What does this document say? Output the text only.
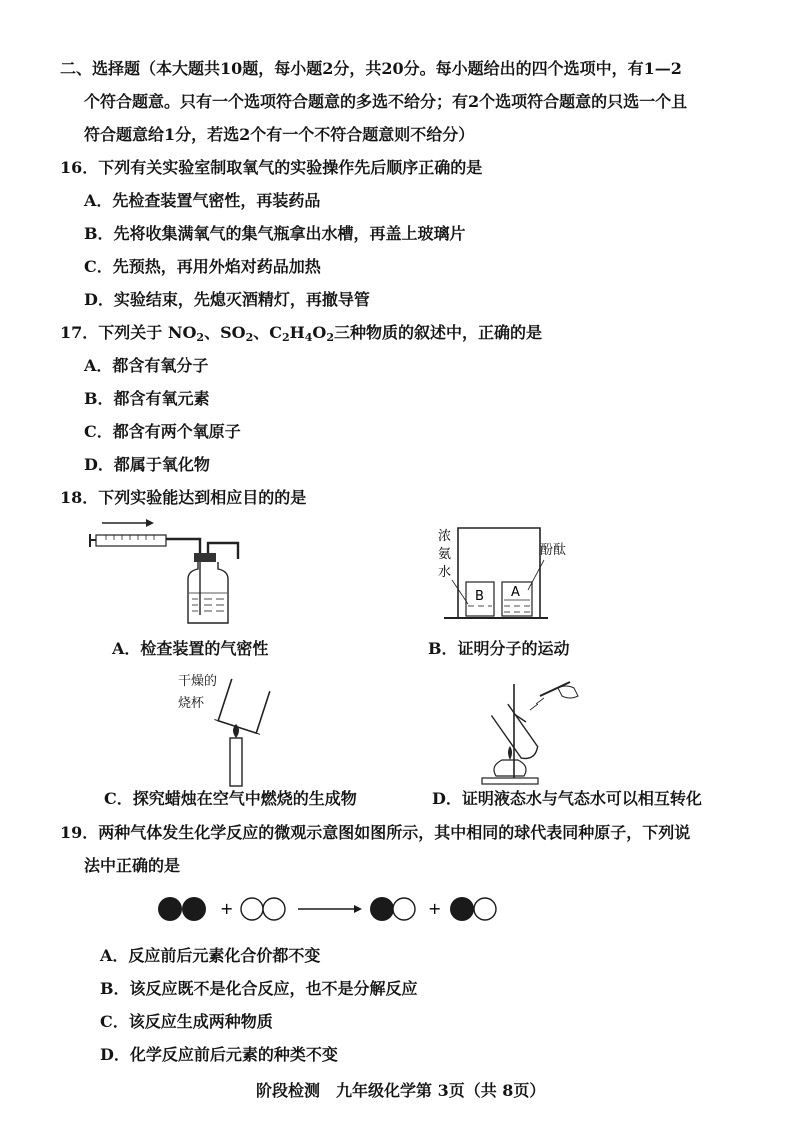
二、选择题（本大题共10题，每小题2分，共20分。每小题给出的四个选项中，有1—2
个符合题意。只有一个选项符合题意的多选不给分；有2个选项符合题意的只选一个且
符合题意给1分，若选2个有一个不符合题意则不给分）
16．下列有关实验室制取氧气的实验操作先后顺序正确的是
A．先检查装置气密性，再装药品
B．先将收集满氧气的集气瓶拿出水槽，再盖上玻璃片
C．先预热，再用外焰对药品加热
D．实验结束，先熄灭酒精灯，再撤导管
17．下列关于 $NO_2$、$SO_2$、$C_2H_4O_2$三种物质的叙述中，正确的是
A．都含有氧分子
B．都含有氧元素
C．都含有两个氧原子
D．都属于氧化物
18．下列实验能达到相应目的的是
B A
浓
氨
水
酚酞
A．检查装置的气密性	B．证明分子的运动
干燥的
烧杯
C．探究蜡烛在空气中燃烧的生成物	D．证明液态水与气态水可以相互转化
19．两种气体发生化学反应的微观示意图如图所示，其中相同的球代表同种原子，下列说
法中正确的是
+	+
A．反应前后元素化合价都不变
B．该反应既不是化合反应，也不是分解反应
C．该反应生成两种物质
D．化学反应前后元素的种类不变
阶段检测　九年级化学第 3页（共 8页）
